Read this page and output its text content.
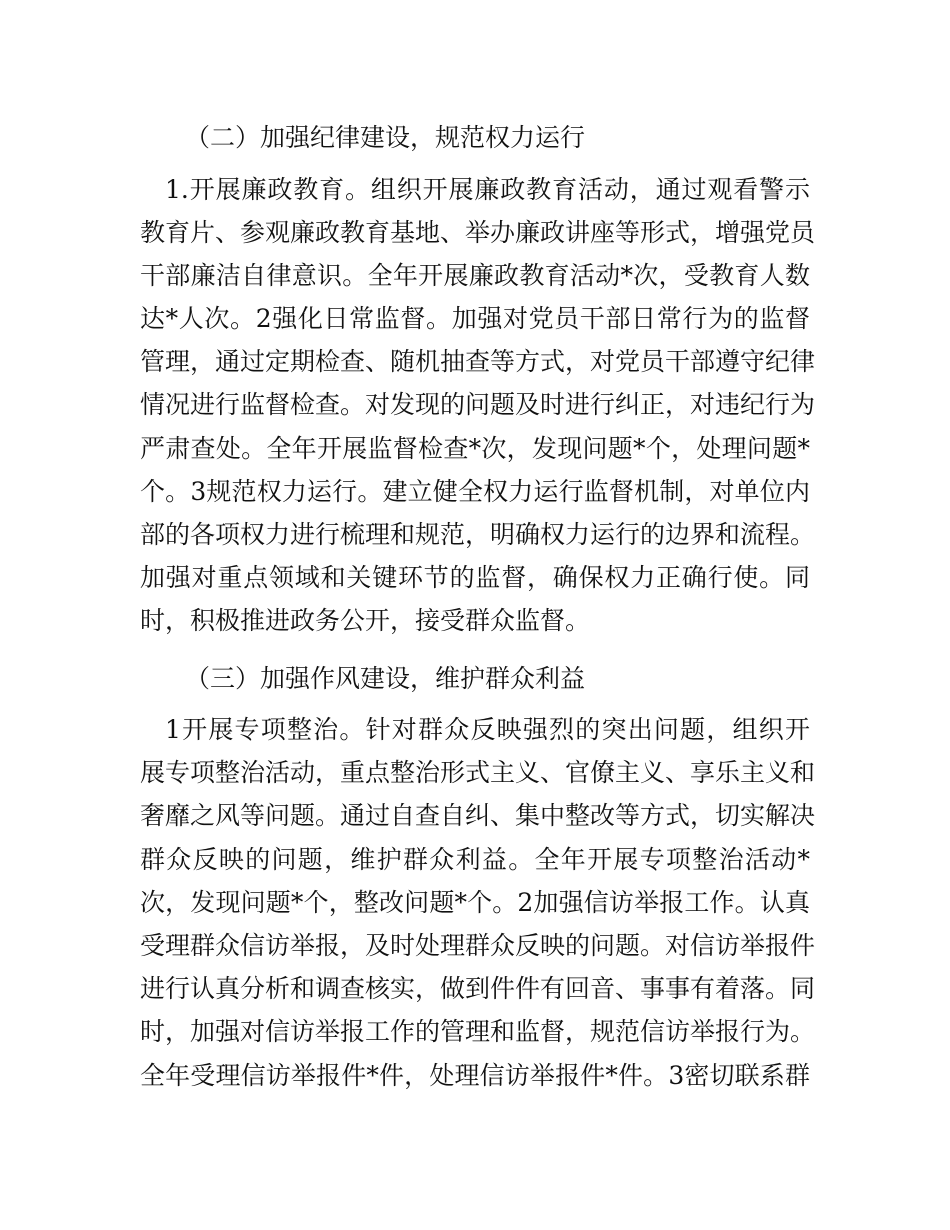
（二）加强纪律建设，规范权力运行
1.开展廉政教育。组织开展廉政教育活动，通过观看警示
教育片、参观廉政教育基地、举办廉政讲座等形式，增强党员
干部廉洁自律意识。全年开展廉政教育活动*次，受教育人数
达*人次。2强化日常监督。加强对党员干部日常行为的监督
管理，通过定期检查、随机抽查等方式，对党员干部遵守纪律
情况进行监督检查。对发现的问题及时进行纠正，对违纪行为
严肃查处。全年开展监督检查*次，发现问题*个，处理问题*
个。3规范权力运行。建立健全权力运行监督机制，对单位内
部的各项权力进行梳理和规范，明确权力运行的边界和流程。
加强对重点领域和关键环节的监督，确保权力正确行使。同
时，积极推进政务公开，接受群众监督。
（三）加强作风建设，维护群众利益
1开展专项整治。针对群众反映强烈的突出问题，组织开
展专项整治活动，重点整治形式主义、官僚主义、享乐主义和
奢靡之风等问题。通过自查自纠、集中整改等方式，切实解决
群众反映的问题，维护群众利益。全年开展专项整治活动*
次，发现问题*个，整改问题*个。2加强信访举报工作。认真
受理群众信访举报，及时处理群众反映的问题。对信访举报件
进行认真分析和调查核实，做到件件有回音、事事有着落。同
时，加强对信访举报工作的管理和监督，规范信访举报行为。
全年受理信访举报件*件，处理信访举报件*件。3密切联系群
